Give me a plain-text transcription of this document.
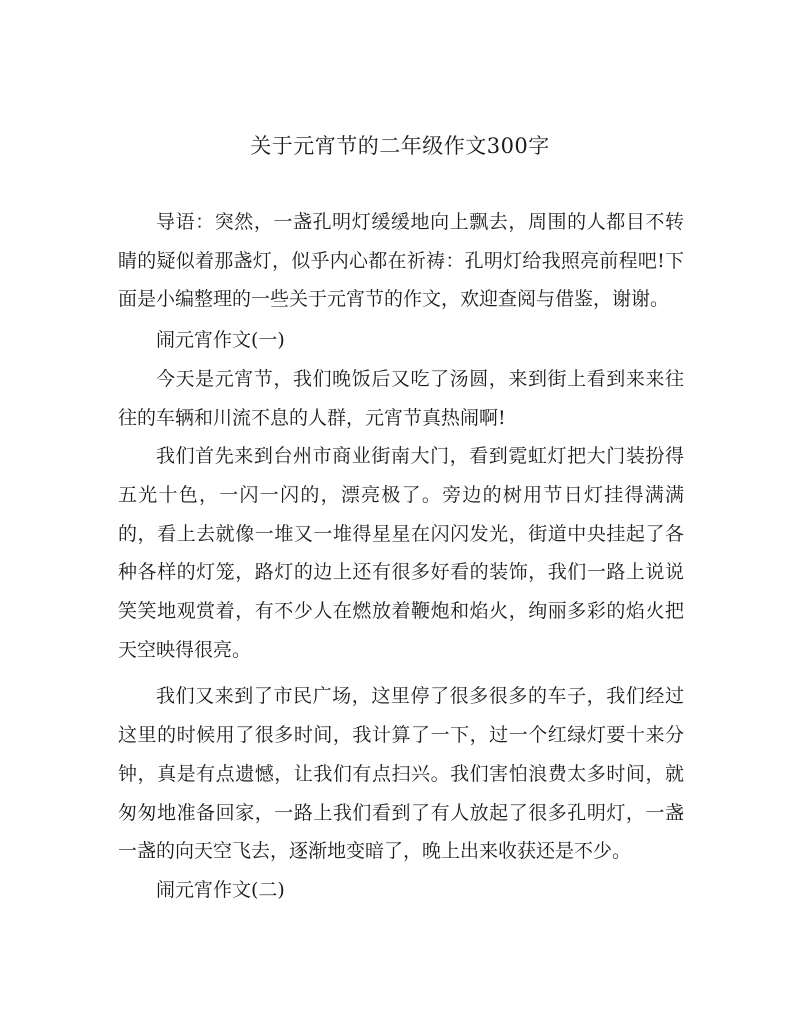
关于元宵节的二年级作文300字

导语：突然，一盏孔明灯缓缓地向上飘去，周围的人都目不转睛的疑似着那盏灯，似乎内心都在祈祷：孔明灯给我照亮前程吧!下面是小编整理的一些关于元宵节的作文，欢迎查阅与借鉴，谢谢。

闹元宵作文(一)

今天是元宵节，我们晚饭后又吃了汤圆，来到街上看到来来往往的车辆和川流不息的人群，元宵节真热闹啊!

我们首先来到台州市商业街南大门，看到霓虹灯把大门装扮得五光十色，一闪一闪的，漂亮极了。旁边的树用节日灯挂得满满的，看上去就像一堆又一堆得星星在闪闪发光，街道中央挂起了各种各样的灯笼，路灯的边上还有很多好看的装饰，我们一路上说说笑笑地观赏着，有不少人在燃放着鞭炮和焰火，绚丽多彩的焰火把天空映得很亮。

我们又来到了市民广场，这里停了很多很多的车子，我们经过这里的时候用了很多时间，我计算了一下，过一个红绿灯要十来分钟，真是有点遗憾，让我们有点扫兴。我们害怕浪费太多时间，就匆匆地准备回家，一路上我们看到了有人放起了很多孔明灯，一盏一盏的向天空飞去，逐渐地变暗了，晚上出来收获还是不少。

闹元宵作文(二)
